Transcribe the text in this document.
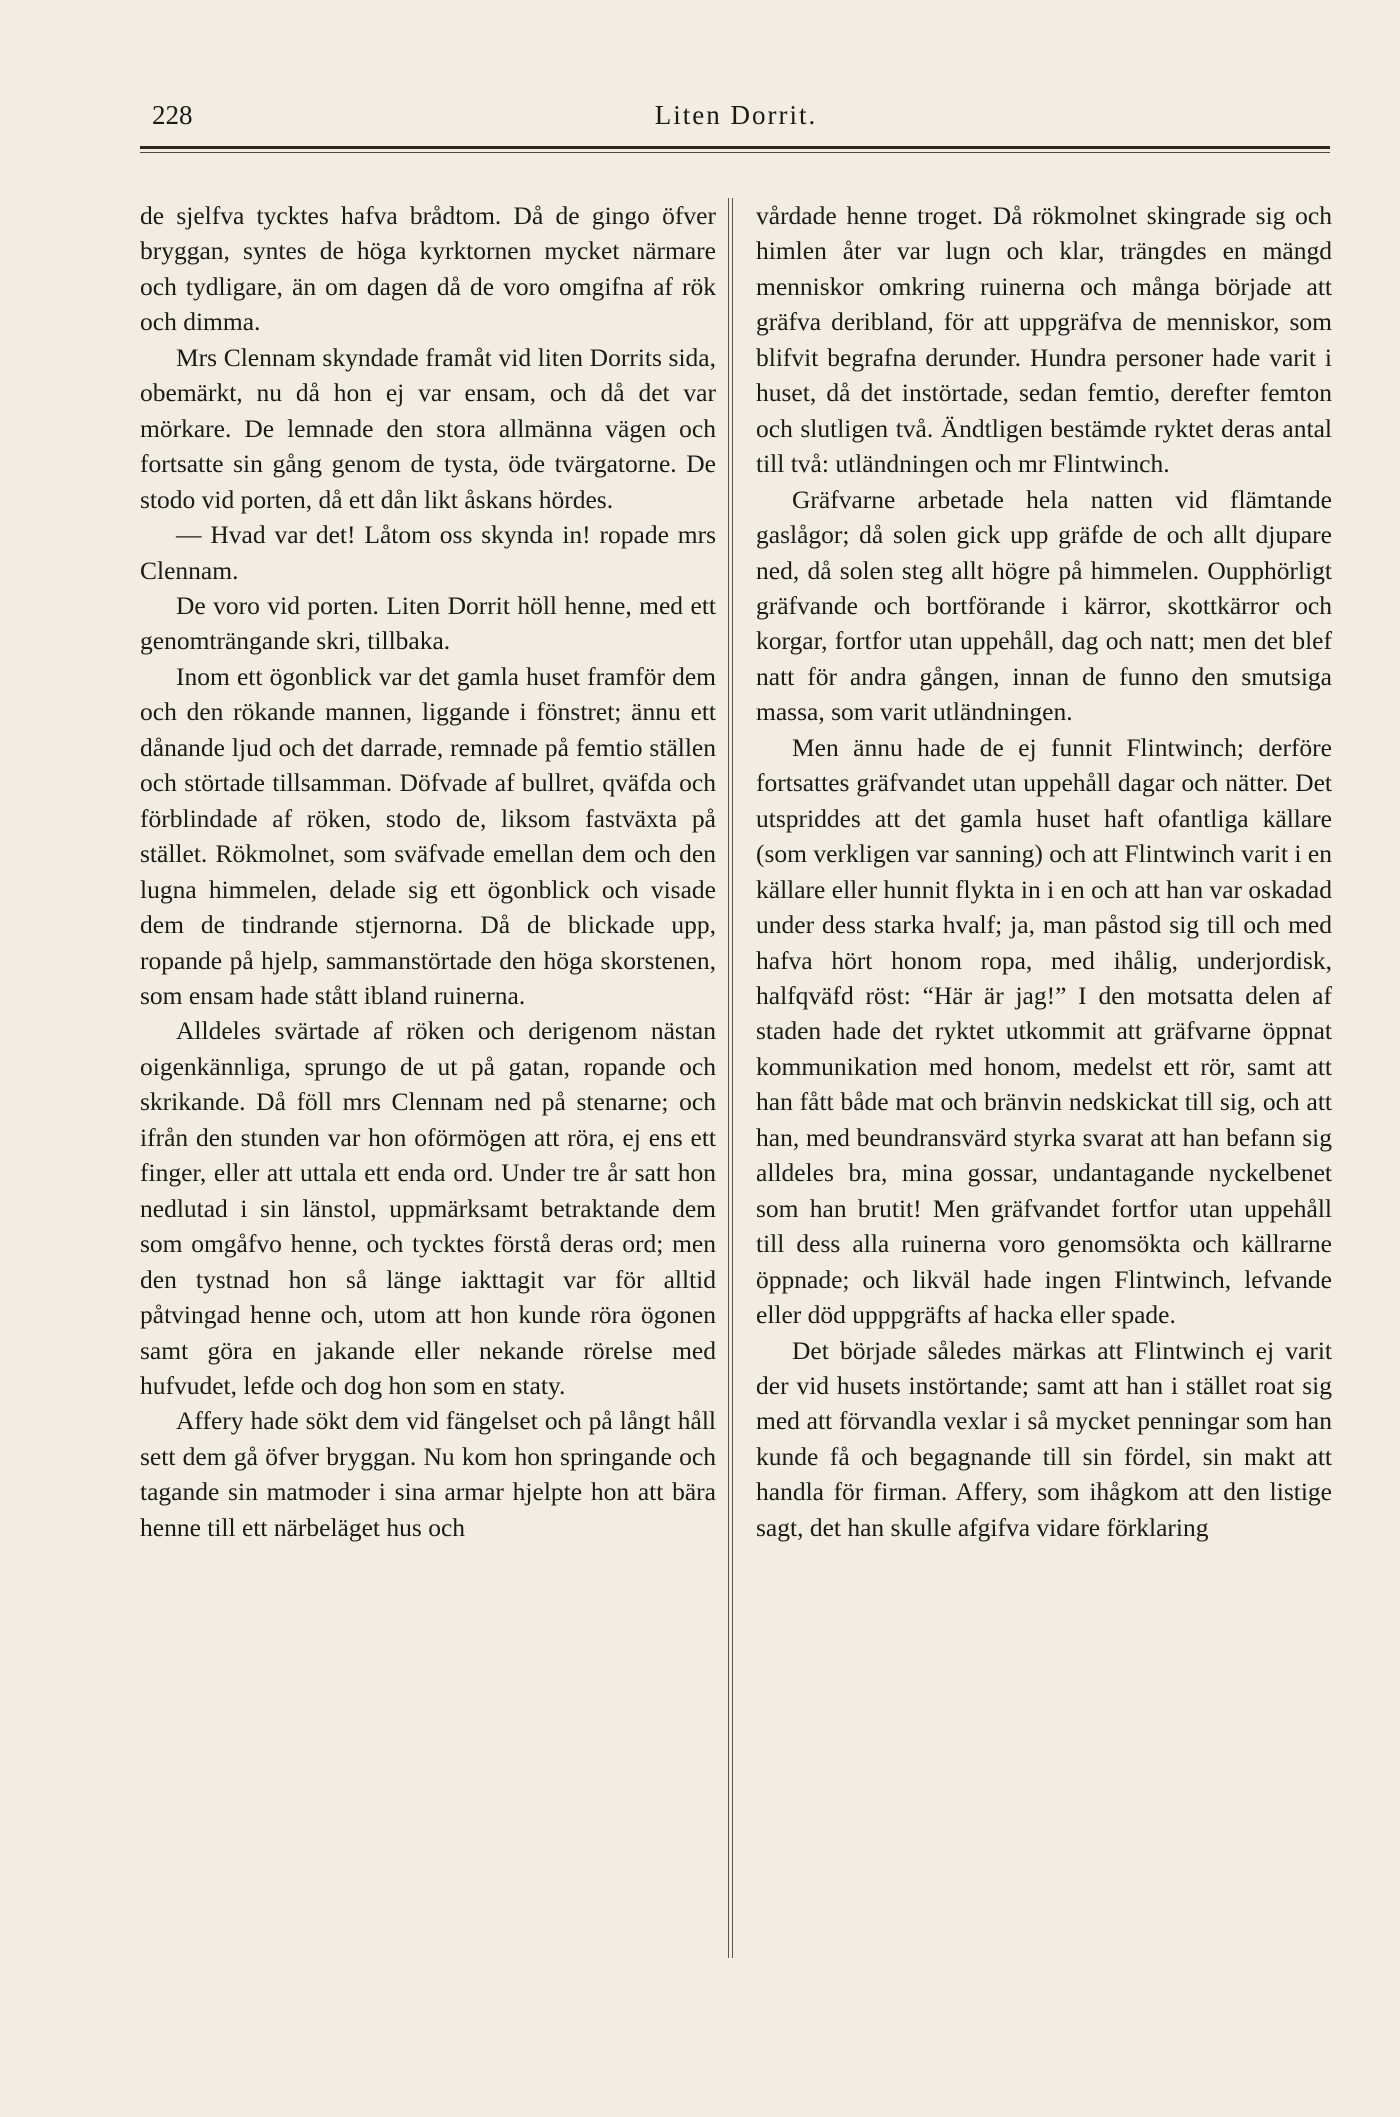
228	Liten Dorrit.

de sjelfva tycktes hafva brådtom. Då de gingo öfver bryggan, syntes de höga kyrktornen mycket närmare och tydligare, än om dagen då de voro omgifna af rök och dimma.

Mrs Clennam skyndade framåt vid liten Dorrits sida, obemärkt, nu då hon ej var ensam, och då det var mörkare. De lemnade den stora allmänna vägen och fortsatte sin gång genom de tysta, öde tvärgatorne. De stodo vid porten, då ett dån likt åskans hördes.

— Hvad var det! Låtom oss skynda in! ropade mrs Clennam.

De voro vid porten. Liten Dorrit höll henne, med ett genomträngande skri, tillbaka.

Inom ett ögonblick var det gamla huset framför dem och den rökande mannen, liggande i fönstret; ännu ett dånande ljud och det darrade, remnade på femtio ställen och störtade tillsamman. Döfvade af bullret, qväfda och förblindade af röken, stodo de, liksom fastväxta på stället. Rökmolnet, som sväfvade emellan dem och den lugna himmelen, delade sig ett ögonblick och visade dem de tindrande stjernorna. Då de blickade upp, ropande på hjelp, sammanstörtade den höga skorstenen, som ensam hade stått ibland ruinerna.

Alldeles svärtade af röken och derigenom nästan oigenkännliga, sprungo de ut på gatan, ropande och skrikande. Då föll mrs Clennam ned på stenarne; och ifrån den stunden var hon oförmögen att röra, ej ens ett finger, eller att uttala ett enda ord. Under tre år satt hon nedlutad i sin länstol, uppmärksamt betraktande dem som omgåfvo henne, och tycktes förstå deras ord; men den tystnad hon så länge iakttagit var för alltid påtvingad henne och, utom att hon kunde röra ögonen samt göra en jakande eller nekande rörelse med hufvudet, lefde och dog hon som en staty.

Affery hade sökt dem vid fängelset och på långt håll sett dem gå öfver bryggan. Nu kom hon springande och tagande sin matmoder i sina armar hjelpte hon att bära henne till ett närbeläget hus och

vårdade henne troget. Då rökmolnet skingrade sig och himlen åter var lugn och klar, trängdes en mängd menniskor omkring ruinerna och många började att gräfva deribland, för att uppgräfva de menniskor, som blifvit begrafna derunder. Hundra personer hade varit i huset, då det instörtade, sedan femtio, derefter femton och slutligen två. Ändtligen bestämde ryktet deras antal till två: utländningen och mr Flintwinch.

Gräfvarne arbetade hela natten vid flämtande gaslågor; då solen gick upp gräfde de och allt djupare ned, då solen steg allt högre på himmelen. Oupphörligt gräfvande och bortförande i kärror, skottkärror och korgar, fortfor utan uppehåll, dag och natt; men det blef natt för andra gången, innan de funno den smutsiga massa, som varit utländningen.

Men ännu hade de ej funnit Flintwinch; derföre fortsattes gräfvandet utan uppehåll dagar och nätter. Det utspriddes att det gamla huset haft ofantliga källare (som verkligen var sanning) och att Flintwinch varit i en källare eller hunnit flykta in i en och att han var oskadad under dess starka hvalf; ja, man påstod sig till och med hafva hört honom ropa, med ihålig, underjordisk, halfqväfd röst: “Här är jag!” I den motsatta delen af staden hade det ryktet utkommit att gräfvarne öppnat kommunikation med honom, medelst ett rör, samt att han fått både mat och bränvin nedskickat till sig, och att han, med beundransvärd styrka svarat att han befann sig alldeles bra, mina gossar, undantagande nyckelbenet som han brutit! Men gräfvandet fortfor utan uppehåll till dess alla ruinerna voro genomsökta och källrarne öppnade; och likväl hade ingen Flintwinch, lefvande eller död upppgräfts af hacka eller spade.

Det började således märkas att Flintwinch ej varit der vid husets instörtande; samt att han i stället roat sig med att förvandla vexlar i så mycket penningar som han kunde få och begagnande till sin fördel, sin makt att handla för firman. Affery, som ihågkom att den listige sagt, det han skulle afgifva vidare förklaring
